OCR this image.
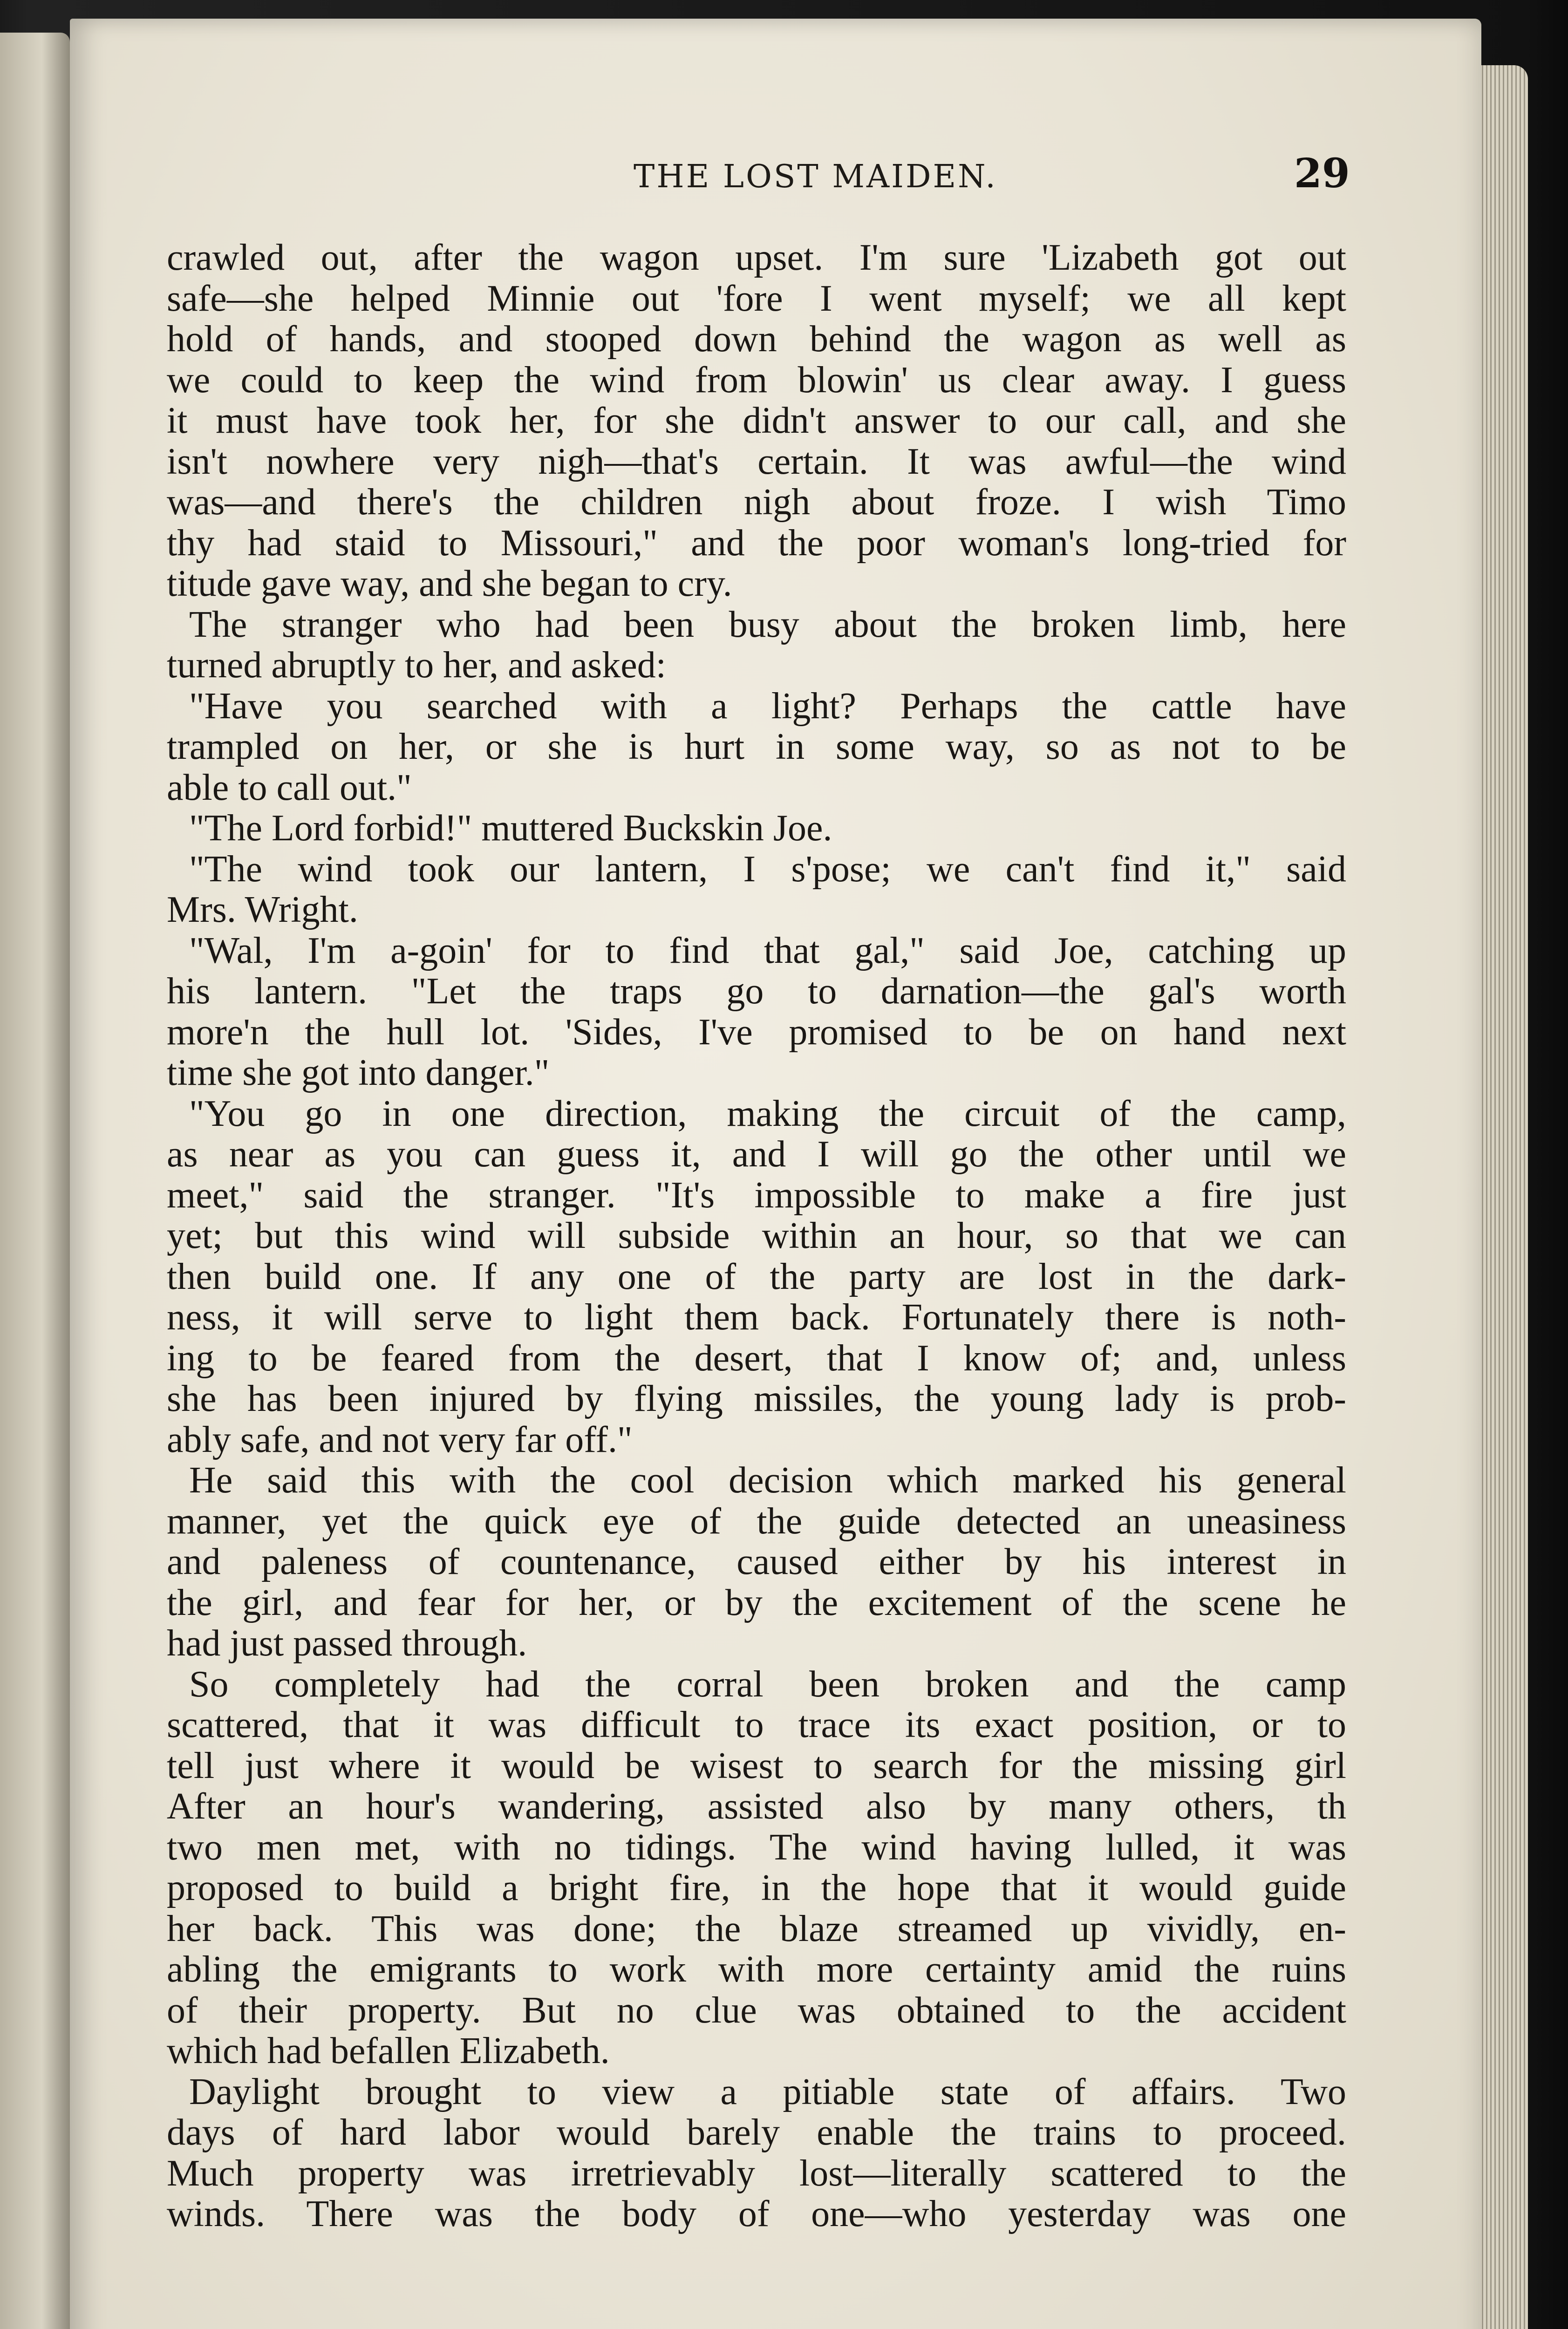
THE LOST MAIDEN.	29
crawled out, after the wagon upset. I'm sure 'Lizabeth got out
safe—she helped Minnie out 'fore I went myself; we all kept
hold of hands, and stooped down behind the wagon as well as
we could to keep the wind from blowin' us clear away. I guess
it must have took her, for she didn't answer to our call, and she
isn't nowhere very nigh—that's certain. It was awful—the wind
was—and there's the children nigh about froze. I wish Timo
thy had staid to Missouri," and the poor woman's long-tried for
titude gave way, and she began to cry.
The stranger who had been busy about the broken limb, here
turned abruptly to her, and asked:
"Have you searched with a light? Perhaps the cattle have
trampled on her, or she is hurt in some way, so as not to be
able to call out."
"The Lord forbid!" muttered Buckskin Joe.
"The wind took our lantern, I s'pose; we can't find it," said
Mrs. Wright.
"Wal, I'm a-goin' for to find that gal," said Joe, catching up
his lantern. "Let the traps go to darnation—the gal's worth
more'n the hull lot. 'Sides, I've promised to be on hand next
time she got into danger."
"You go in one direction, making the circuit of the camp,
as near as you can guess it, and I will go the other until we
meet," said the stranger. "It's impossible to make a fire just
yet; but this wind will subside within an hour, so that we can
then build one. If any one of the party are lost in the dark-
ness, it will serve to light them back. Fortunately there is noth-
ing to be feared from the desert, that I know of; and, unless
she has been injured by flying missiles, the young lady is prob-
ably safe, and not very far off."
He said this with the cool decision which marked his general
manner, yet the quick eye of the guide detected an uneasiness
and paleness of countenance, caused either by his interest in
the girl, and fear for her, or by the excitement of the scene he
had just passed through.
So completely had the corral been broken and the camp
scattered, that it was difficult to trace its exact position, or to
tell just where it would be wisest to search for the missing girl
After an hour's wandering, assisted also by many others, th
two men met, with no tidings. The wind having lulled, it was
proposed to build a bright fire, in the hope that it would guide
her back. This was done; the blaze streamed up vividly, en-
abling the emigrants to work with more certainty amid the ruins
of their property. But no clue was obtained to the accident
which had befallen Elizabeth.
Daylight brought to view a pitiable state of affairs. Two
days of hard labor would barely enable the trains to proceed.
Much property was irretrievably lost—literally scattered to the
winds. There was the body of one—who yesterday was one
